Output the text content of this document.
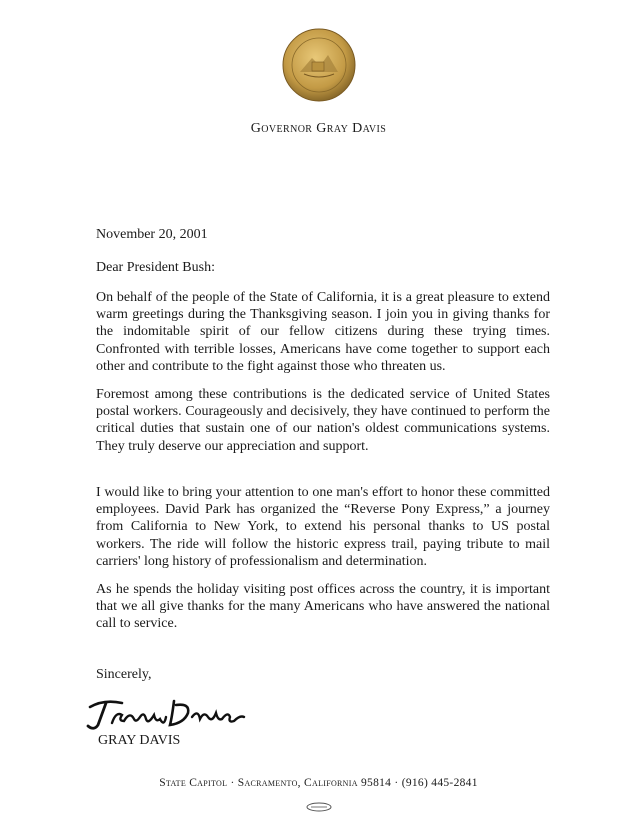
Governor Gray Davis
November 20, 2001
Dear President Bush:

On behalf of the people of the State of California, it is a great pleasure to extend warm greetings during the Thanksgiving season. I join you in giving thanks for the indomitable spirit of our fellow citizens during these trying times. Confronted with terrible losses, Americans have come together to support each other and contribute to the fight against those who threaten us.

Foremost among these contributions is the dedicated service of United States postal workers. Courageously and decisively, they have continued to perform the critical duties that sustain one of our nation's oldest communications systems. They truly deserve our appreciation and support.

I would like to bring your attention to one man's effort to honor these committed employees. David Park has organized the “Reverse Pony Express,” a journey from California to New York, to extend his personal thanks to US postal workers. The ride will follow the historic express trail, paying tribute to mail carriers' long history of professionalism and determination.

As he spends the holiday visiting post offices across the country, it is important that we all give thanks for the many Americans who have answered the national call to service.

Sincerely,
GRAY DAVIS
State Capitol · Sacramento, California 95814 · (916) 445-2841
